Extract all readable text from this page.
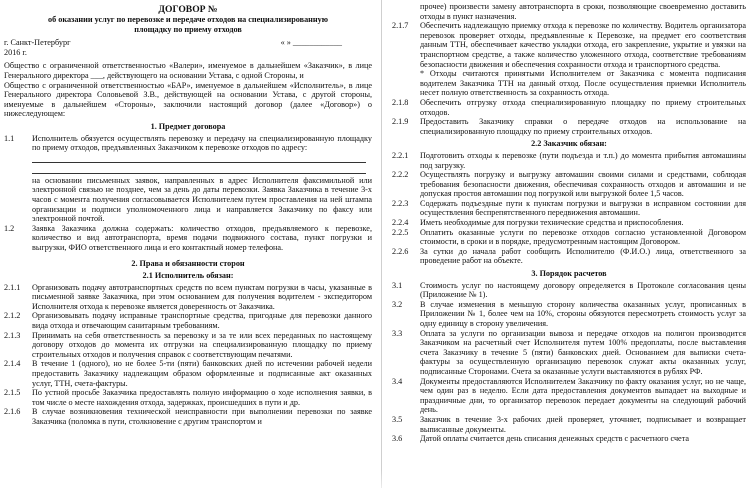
ДОГОВОР №
об оказании услуг по перевозке и передаче отходов на специализированную
площадку по приему отходов
г. Санкт-Петербург	« » ____________
2016 г.

Общество с ограниченной ответственностью «Валери», именуемое в дальнейшем «Заказчик», в лице Генерального директора ___, действующего на основании Устава, с одной Стороны, и

Общество с ограниченной ответственностью «БАР», именуемое в дальнейшем «Исполнитель», в лице Генерального директора Соловьевой З.В., действующей на основании Устава, с другой стороны, именуемые в дальнейшем «Стороны», заключили настоящий договор (далее «Договор») о нижеследующем:

1. Предмет договора
1.1	Исполнитель обязуется осуществлять перевозку и передачу на специализированную площадку по приему отходов, предъявленных Заказчиком к перевозке отходов по адресу:

на основании письменных заявок, направленных в адрес Исполнителя факсимильной или электронной связью не позднее, чем за день до даты перевозки. Заявка Заказчика в течение 3-х часов с момента получения согласовывается Исполнителем путем проставления на ней штампа организации и подписи уполномоченного лица и направляется Заказчику по факсу или электронной почтой.

1.2	Заявка Заказчика должна содержать: количество отходов, предъявляемого к перевозке, количество и вид автотранспорта, время подачи подвижного состава, пункт погрузки и выгрузки, ФИО ответственного лица и его контактный номер телефона.
2. Права и обязанности сторон
2.1 Исполнитель обязан:
2.1.1	Организовать подачу автотранспортных средств по всем пунктам погрузки в часы, указанные в письменной заявке Заказчика, при этом основанием для получения водителем - экспедитором Исполнителя отхода к перевозке является доверенность от Заказчика.
2.1.2	Организовывать подачу исправные транспортные средства, пригодные для перевозки данного вида отхода и отвечающим санитарным требованиям.
2.1.3	Принимать на себя ответственность за перевозку и за те или всех переданных по настоящему договору отходов до момента их отгрузки на специализированную площадку по приему строительных отходов и получения справок с соответствующим печатями.
2.1.4	В течение 1 (одного), но не более 5-ти (пяти) банковских дней по истечении рабочей недели предоставить Заказчику надлежащим образом оформленные и подписанные акт оказанных услуг, ТТН, счета-фактуры.
2.1.5	По устной просьбе Заказчика предоставлять полную информацию о ходе исполнения заявки, в том числе о месте нахождения отхода, задержках, происшедших в пути и др.
2.1.6	В случае возникновения технической неисправности при выполнении перевозки по заявке Заказчика (поломка в пути, столкновение с другим транспортом и

прочее) произвести замену автотранспорта в сроки, позволяющие своевременно доставить отходы в пункт назначения.

2.1.7	Обеспечить надлежащую приемку отхода к перевозке по количеству. Водитель организатора перевозок проверяет отходы, предъявленные к Перевозке, на предмет его соответствия данным ТТН, обеспечивает качество укладки отхода, его закрепление, укрытие и увязки на транспортном средстве, а также количество уложенного отхода, соответствие требованиям безопасности движения и обеспечения сохранности отхода и транспортного средства.

* Отходы считаются принятыми Исполнителем от Заказчика с момента подписания водителем Заказчика ТТН на данный отход. После осуществления приемки Исполнитель несет полную ответственность за сохранность отхода.

2.1.8	Обеспечить отгрузку отхода специализированную площадку по приему строительных отходов.
2.1.9	Предоставить Заказчику справки о передаче отходов на использование на специализированную площадку по приему строительных отходов.
2.2 Заказчик обязан:
2.2.1	Подготовить отходы к перевозке (пути подъезда и т.п.) до момента прибытия автомашины под загрузку.
2.2.2	Осуществлять погрузку и выгрузку автомашин своими силами и средствами, соблюдая требования безопасности движения, обеспечивая сохранность отходов и автомашин и не допуская простоя автомашин под погрузкой или выгрузкой более 1,5 часов.
2.2.3	Содержать подъездные пути к пунктам погрузки и выгрузки в исправном состоянии для осуществления беспрепятственного передвижения автомашин.
2.2.4	Иметь необходимые для погрузки технические средства и приспособления.
2.2.5	Оплатить оказанные услуги по перевозке отходов согласно установленной Договором стоимости, в сроки и в порядке, предусмотренным настоящим Договором.
2.2.6	За сутки до начала работ сообщить Исполнителю (Ф.И.О.) лица, ответственного за проведение работ на объекте.
3. Порядок расчетов
3.1	Стоимость услуг по настоящему договору определяется в Протоколе согласования цены (Приложение № 1).
3.2	В случае изменения в меньшую сторону количества оказанных услуг, прописанных в Приложении № 1, более чем на 10%, стороны обязуются пересмотреть стоимость услуг за одну единицу в сторону увеличения.
3.3	Оплата за услуги по организации вывоза и передаче отходов на полигон производится Заказчиком на расчетный счет Исполнителя путем 100% предоплаты, после выставления счета Заказчику в течение 5 (пяти) банковских дней. Основанием для выписки счета-фактуры за осуществленную организацию перевозок служат акты оказанных услуг, подписанные Сторонами. Счета за оказанные услуги выставляются в рублях РФ.
3.4	Документы предоставляются Исполнителем Заказчику по факту оказания услуг, но не чаще, чем один раз в неделю. Если дата предоставления документов выпадает на выходные и праздничные дни, то организатор перевозок передает документы на следующий рабочий день.
3.5	Заказчик в течение 3-х рабочих дней проверяет, уточняет, подписывает и возвращает выписанные документы.
3.6	Датой оплаты считается день списания денежных средств с расчетного счета
